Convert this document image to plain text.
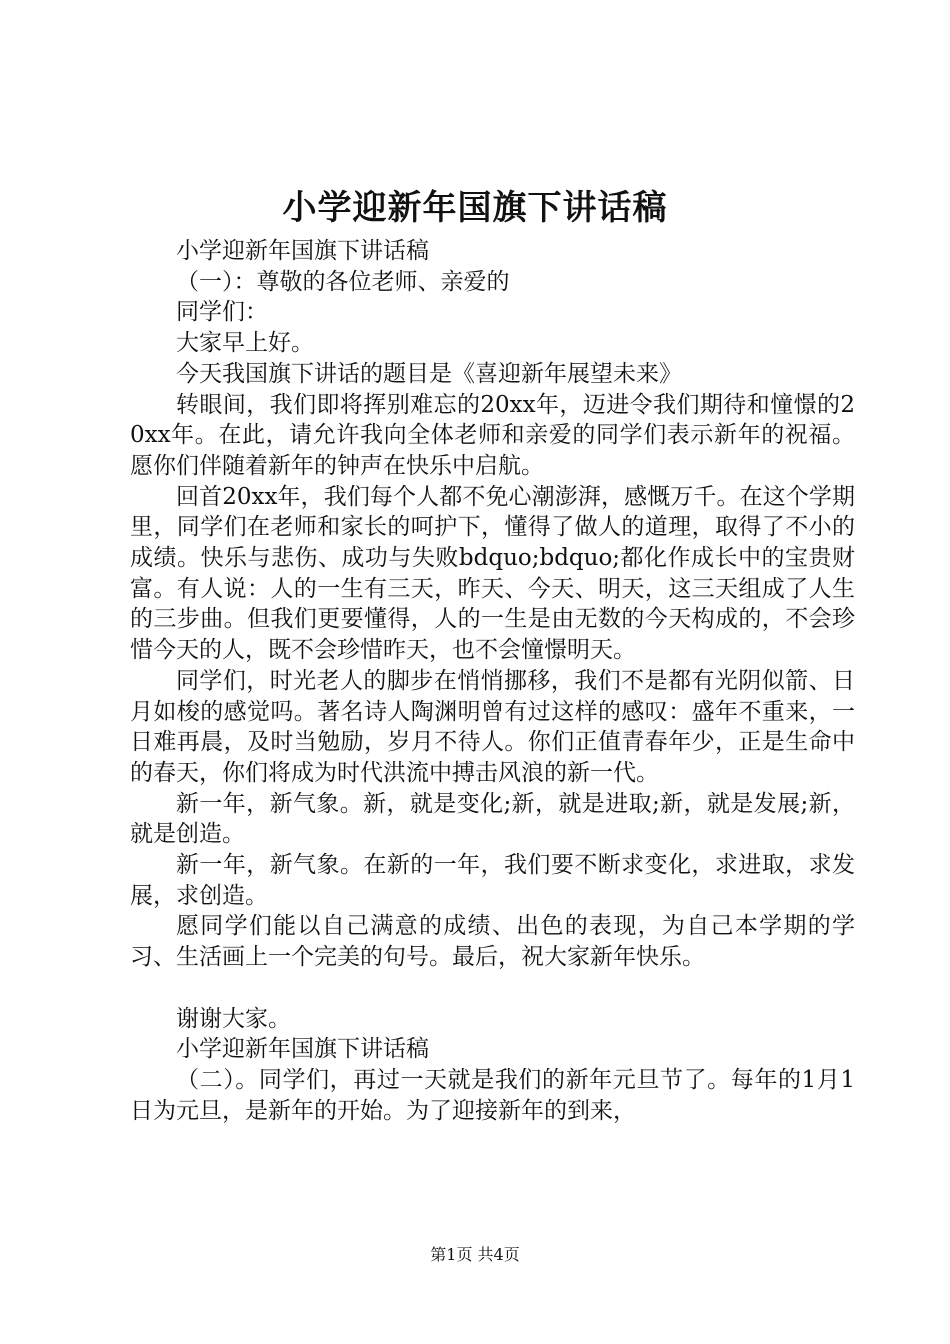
小学迎新年国旗下讲话稿

小学迎新年国旗下讲话稿

（一）：尊敬的各位老师、亲爱的

同学们：

大家早上好。

今天我国旗下讲话的题目是《喜迎新年展望未来》

转眼间，我们即将挥别难忘的20xx年，迈进令我们期待和憧憬的20xx年。在此，请允许我向全体老师和亲爱的同学们表示新年的祝福。愿你们伴随着新年的钟声在快乐中启航。

回首20xx年，我们每个人都不免心潮澎湃，感慨万千。在这个学期里，同学们在老师和家长的呵护下，懂得了做人的道理，取得了不小的成绩。快乐与悲伤、成功与失败bdquo;bdquo;都化作成长中的宝贵财富。有人说：人的一生有三天，昨天、今天、明天，这三天组成了人生的三步曲。但我们更要懂得，人的一生是由无数的今天构成的，不会珍惜今天的人，既不会珍惜昨天，也不会憧憬明天。

同学们，时光老人的脚步在悄悄挪移，我们不是都有光阴似箭、日月如梭的感觉吗。著名诗人陶渊明曾有过这样的感叹：盛年不重来，一日难再晨，及时当勉励，岁月不待人。你们正值青春年少，正是生命中的春天，你们将成为时代洪流中搏击风浪的新一代。

新一年，新气象。新，就是变化;新，就是进取;新，就是发展;新，就是创造。

新一年，新气象。在新的一年，我们要不断求变化，求进取，求发展，求创造。

愿同学们能以自己满意的成绩、出色的表现，为自己本学期的学习、生活画上一个完美的句号。最后，祝大家新年快乐。

谢谢大家。

小学迎新年国旗下讲话稿

（二）。同学们，再过一天就是我们的新年元旦节了。每年的1月1日为元旦，是新年的开始。为了迎接新年的到来，

第1页 共4页
